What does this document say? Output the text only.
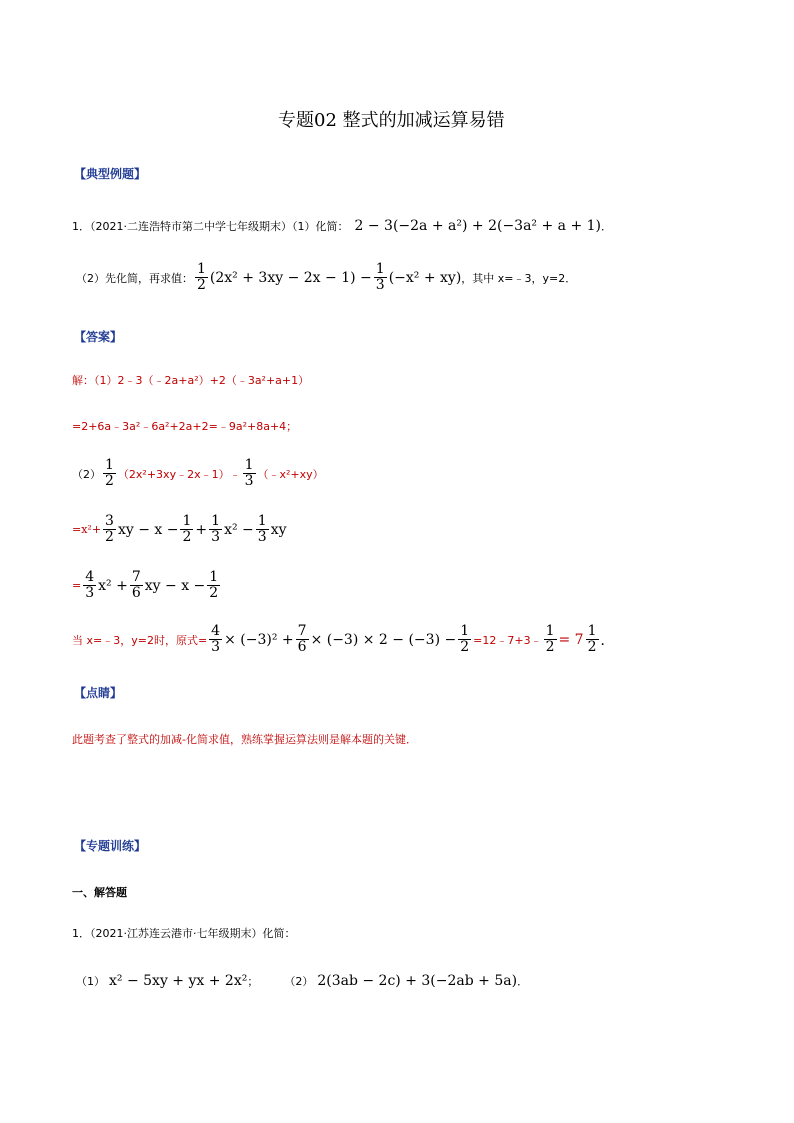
专题02 整式的加减运算易错
【典型例题】
1．（2021·二连浩特市第二中学七年级期末）（1）化简： 2 − 3(−2a + a²) + 2(−3a² + a + 1) ．
（2）先化简，再求值： $\frac{1}{2} (2x^2 + 3xy - 2x - 1) - \frac{1}{3} (-x^2 + xy)$ ，其中 x=﹣3，y=2．
【答案】
解：（1）2﹣3（﹣2a+a²）+2（﹣3a²+a+1）
=2+6a﹣3a²﹣6a²+2a+2=﹣9a²+8a+4；
$(2) \frac{1}{2}$ （2x²+3xy﹣2x﹣1）﹣ $\frac{1}{3}$ （﹣x²+xy）
$=x^2+ \frac{3}{2}$ xy − $x - \frac{1}{2} + \frac{1}{3} x^2 - \frac{1}{3}$ xy
= $\frac{4}{3} x^2 + \frac{7}{6}$ xy − $x - \frac{1}{2}$
当 x=﹣3，y=2时，原式= $\frac{4}{3} \times (-3)^2 + \frac{7}{6} \times (-3) \times 2 - (-3) - \frac{1}{2}$ =12﹣7+3﹣ $\frac{1}{2} = 7 \frac{1}{2}$ ．
【点睛】
此题考查了整式的加减-化简求值，熟练掌握运算法则是解本题的关键．
【专题训练】
一、解答题
1．（2021·江苏连云港市·七年级期末）化简：
（1） x² − 5xy + yx + 2x² ； （2） 2(3ab − 2c) + 3(−2ab + 5a) ．
